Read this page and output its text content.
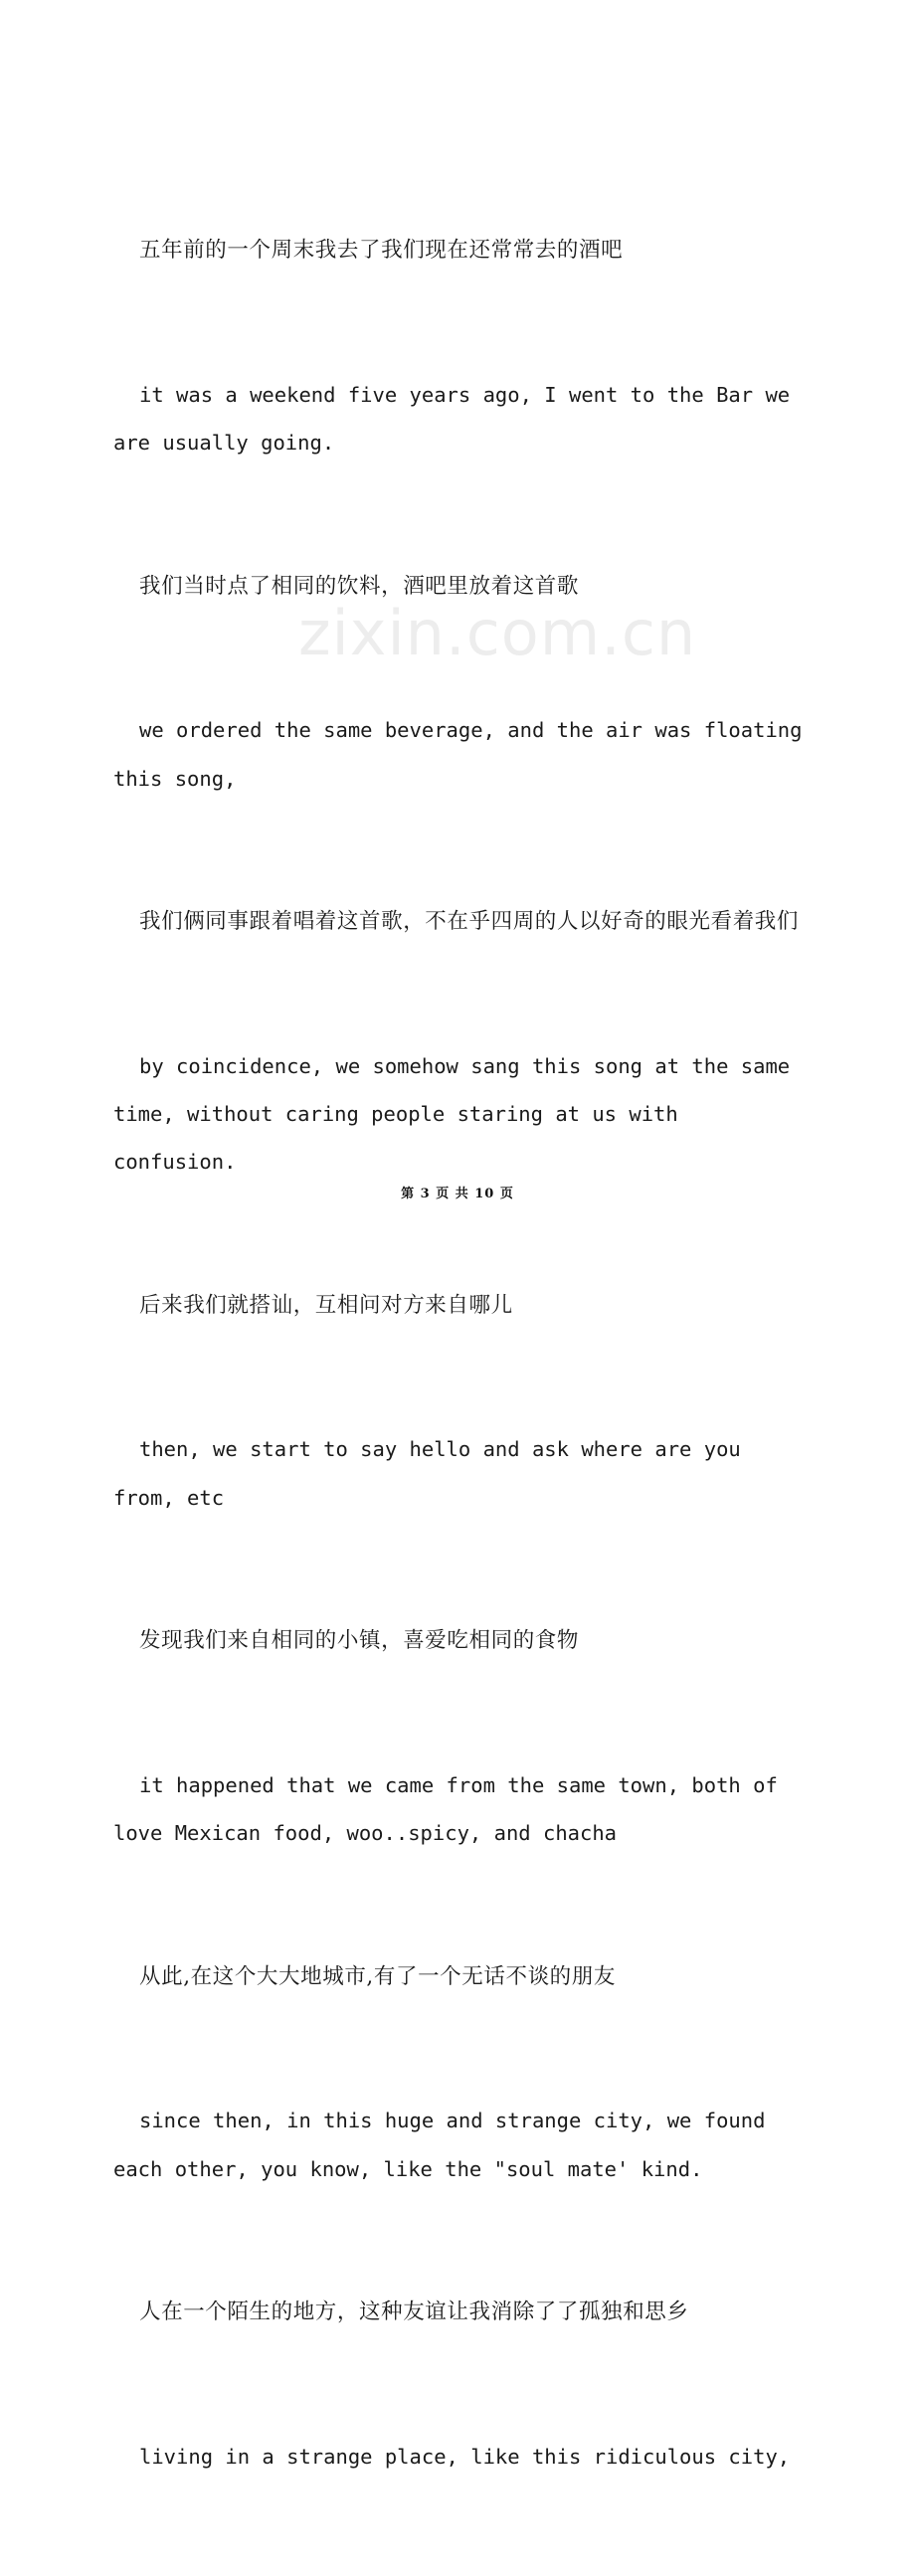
五年前的一个周末我去了我们现在还常常去的酒吧

it was a weekend five years ago, I went to the Bar we are usually going.

我们当时点了相同的饮料，酒吧里放着这首歌

we ordered the same beverage, and the air was floating this song,

我们俩同事跟着唱着这首歌，不在乎四周的人以好奇的眼光看着我们

by coincidence, we somehow sang this song at the same time, without caring people staring at us with confusion.

后来我们就搭讪，互相问对方来自哪儿

then, we start to say hello and ask where are you from, etc

发现我们来自相同的小镇，喜爱吃相同的食物

it happened that we came from the same town, both of love Mexican food, woo..spicy, and chacha

从此,在这个大大地城市,有了一个无话不谈的朋友

since then, in this huge and strange city, we found each other, you know, like the "soul mate' kind.

人在一个陌生的地方，这种友谊让我消除了了孤独和思乡

living in a strange place, like this ridiculous city,

zixin.com.cn
第 3 页 共 10 页
